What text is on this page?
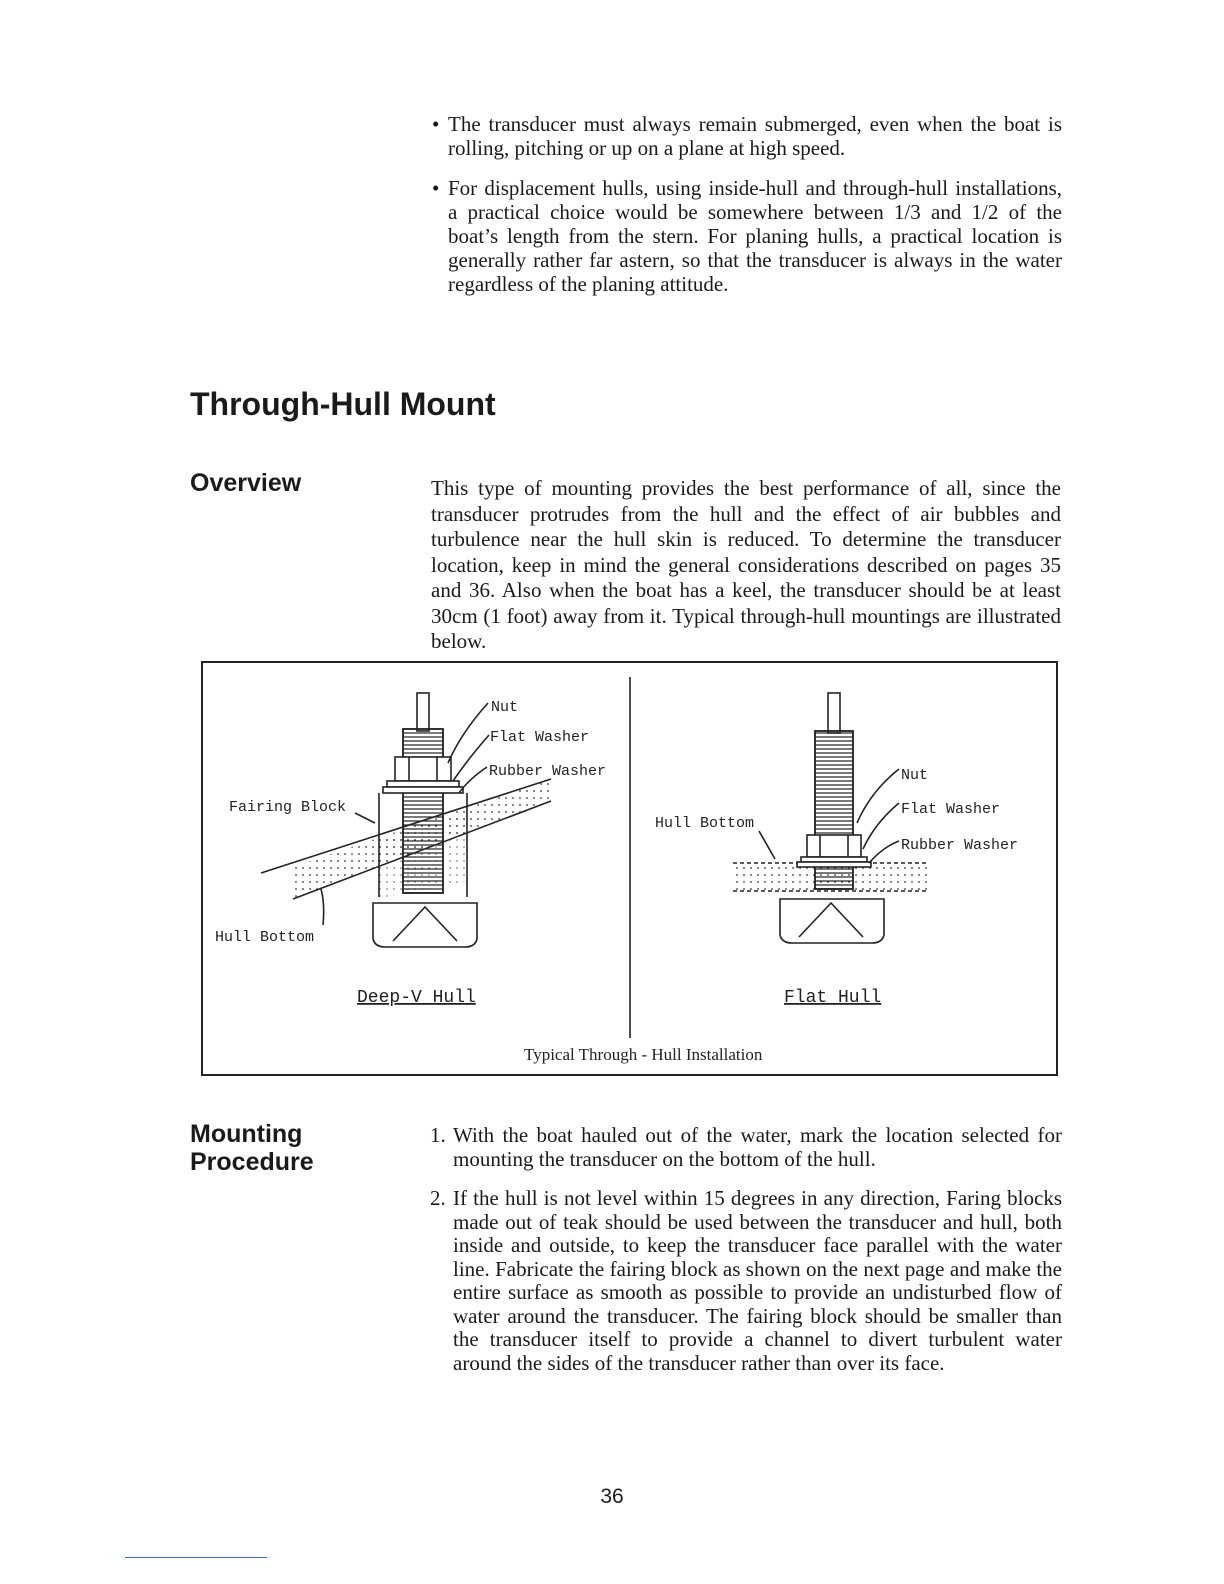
• The transducer must always remain submerged, even when the boat is rolling, pitching or up on a plane at high speed.
• For displacement hulls, using inside-hull and through-hull installations, a practical choice would be somewhere between 1/3 and 1/2 of the boat’s length from the stern. For planing hulls, a practical location is generally rather far astern, so that the transducer is always in the water regardless of the planing attitude.
Through-Hull Mount
Overview	This type of mounting provides the best performance of all, since the transducer protrudes from the hull and the effect of air bubbles and turbulence near the hull skin is reduced. To determine the transducer location, keep in mind the general considerations described on pages 35 and 36. Also when the boat has a keel, the transducer should be at least 30cm (1 foot) away from it. Typical through-hull mountings are illustrated below.

Nut
Flat Washer
Rubber Washer
Fairing Block
Hull Bottom
Deep-V Hull
Nut
Flat Washer
Rubber Washer
Hull Bottom
Flat Hull
Typical Through - Hull Installation
Mounting
Procedure
1. With the boat hauled out of the water, mark the location selected for mounting the transducer on the bottom of the hull.
2. If the hull is not level within 15 degrees in any direction, Faring blocks made out of teak should be used between the transducer and hull, both inside and outside, to keep the transducer face parallel with the water line. Fabricate the fairing block as shown on the next page and make the entire surface as smooth as possible to provide an undisturbed flow of water around the transducer. The fairing block should be smaller than the transducer itself to provide a channel to divert turbulent water around the sides of the transducer rather than over its face.

36
